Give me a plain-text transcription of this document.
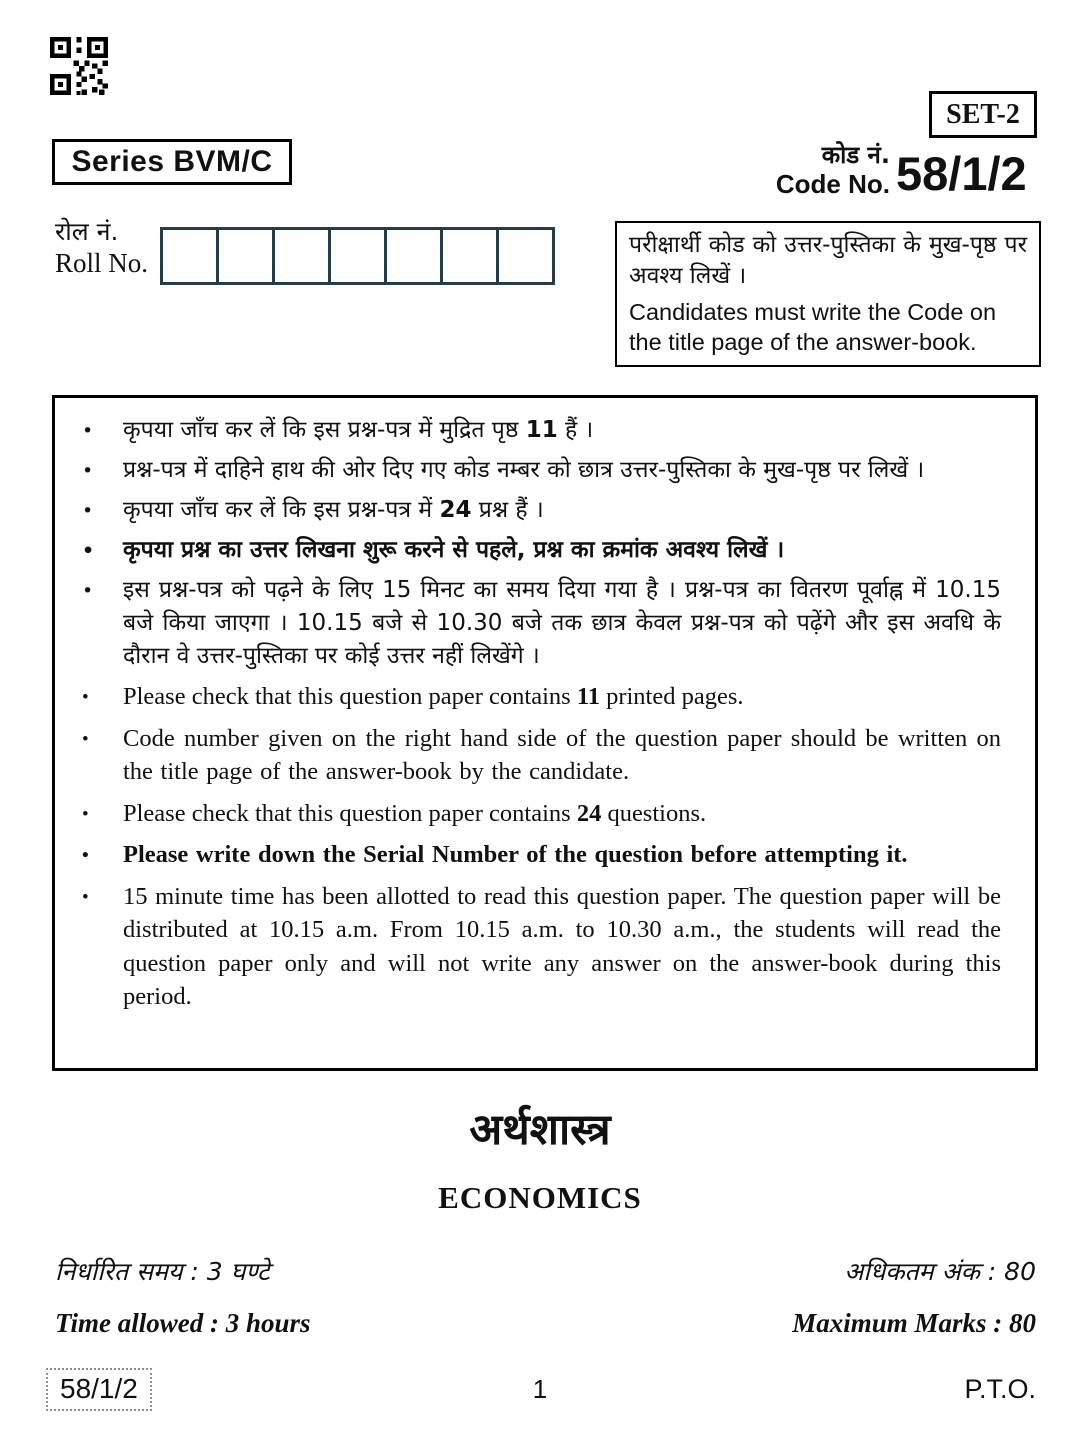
Series BVM/C
SET-2
कोड नं.
Code No. 58/1/2
रोल नं.
Roll No.
परीक्षार्थी कोड को उत्तर-पुस्तिका के मुख-पृष्ठ पर अवश्य लिखें ।
Candidates must write the Code on the title page of the answer-book.
• कृपया जाँच कर लें कि इस प्रश्न-पत्र में मुद्रित पृष्ठ 11 हैं ।
• प्रश्न-पत्र में दाहिने हाथ की ओर दिए गए कोड नम्बर को छात्र उत्तर-पुस्तिका के मुख-पृष्ठ पर लिखें ।
• कृपया जाँच कर लें कि इस प्रश्न-पत्र में 24 प्रश्न हैं ।
• कृपया प्रश्न का उत्तर लिखना शुरू करने से पहले, प्रश्न का क्रमांक अवश्य लिखें ।
• इस प्रश्न-पत्र को पढ़ने के लिए 15 मिनट का समय दिया गया है । प्रश्न-पत्र का वितरण पूर्वाह्न में 10.15 बजे किया जाएगा । 10.15 बजे से 10.30 बजे तक छात्र केवल प्रश्न-पत्र को पढ़ेंगे और इस अवधि के दौरान वे उत्तर-पुस्तिका पर कोई उत्तर नहीं लिखेंगे ।
• Please check that this question paper contains 11 printed pages.
• Code number given on the right hand side of the question paper should be written on the title page of the answer-book by the candidate.
• Please check that this question paper contains 24 questions.
• Please write down the Serial Number of the question before attempting it.
• 15 minute time has been allotted to read this question paper. The question paper will be distributed at 10.15 a.m. From 10.15 a.m. to 10.30 a.m., the students will read the question paper only and will not write any answer on the answer-book during this period.
अर्थशास्त्र
ECONOMICS
निर्धारित समय : 3 घण्टे	अधिकतम अंक : 80
Time allowed : 3 hours	Maximum Marks : 80
58/1/2	1	P.T.O.
